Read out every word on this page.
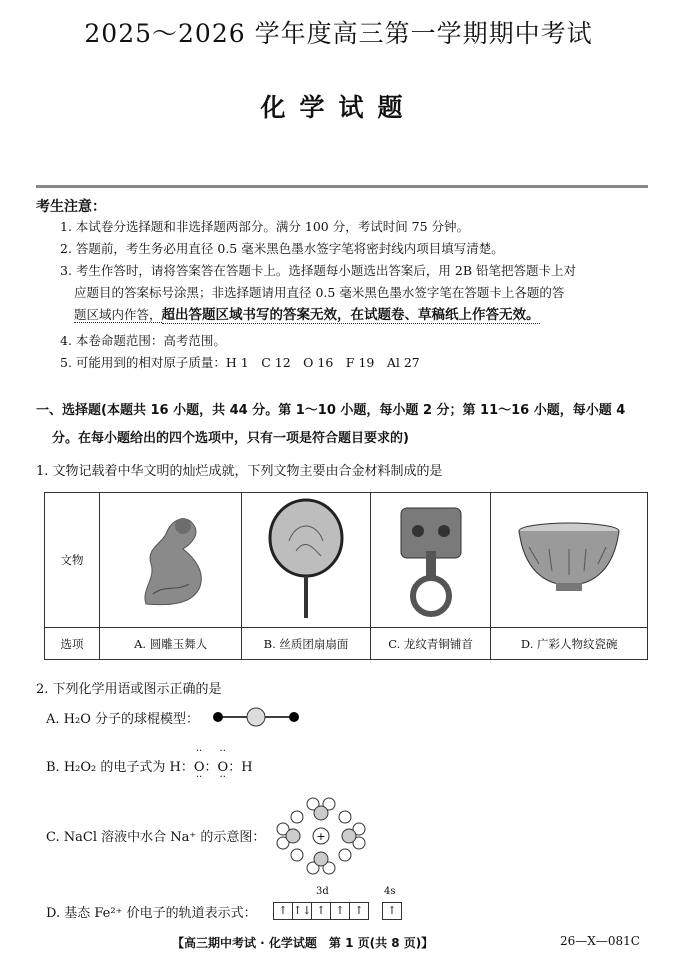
2025～2026 学年度高三第一学期期中考试
化学试题
考生注意：
1. 本试卷分选择题和非选择题两部分。满分 100 分，考试时间 75 分钟。
2. 答题前，考生务必用直径 0.5 毫米黑色墨水签字笔将密封线内项目填写清楚。
3. 考生作答时，请将答案答在答题卡上。选择题每小题选出答案后，用 2B 铅笔把答题卡上对
应题目的答案标号涂黑；非选择题请用直径 0.5 毫米黑色墨水签字笔在答题卡上各题的答
题区域内作答，超出答题区域书写的答案无效，在试题卷、草稿纸上作答无效。
4. 本卷命题范围：高考范围。
5. 可能用到的相对原子质量：H 1　C 12　O 16　F 19　Al 27
一、选择题(本题共 16 小题，共 44 分。第 1～10 小题，每小题 2 分；第 11～16 小题，每小题 4
分。在每小题给出的四个选项中，只有一项是符合题目要求的)
1. 文物记载着中华文明的灿烂成就，下列文物主要由合金材料制成的是
文物				
选项	A. 圆雕玉舞人	B. 丝质团扇扇面	C. 龙纹青铜铺首	D. 广彩人物纹瓷碗
2. 下列化学用语或图示正确的是
A. H₂O 分子的球棍模型：
B. H₂O₂ 的电子式为 H：
··
O
··
：
··
O
··
：H
C. NaCl 溶液中水合 Na⁺ 的示意图：	+
D. 基态 Fe²⁺ 价电子的轨道表示式：
3d	4s
↑ ↑↓ ↑ ↑ ↑	↑
【高三期中考试 · 化学试题　第 1 页(共 8 页)】	26—X—081C
